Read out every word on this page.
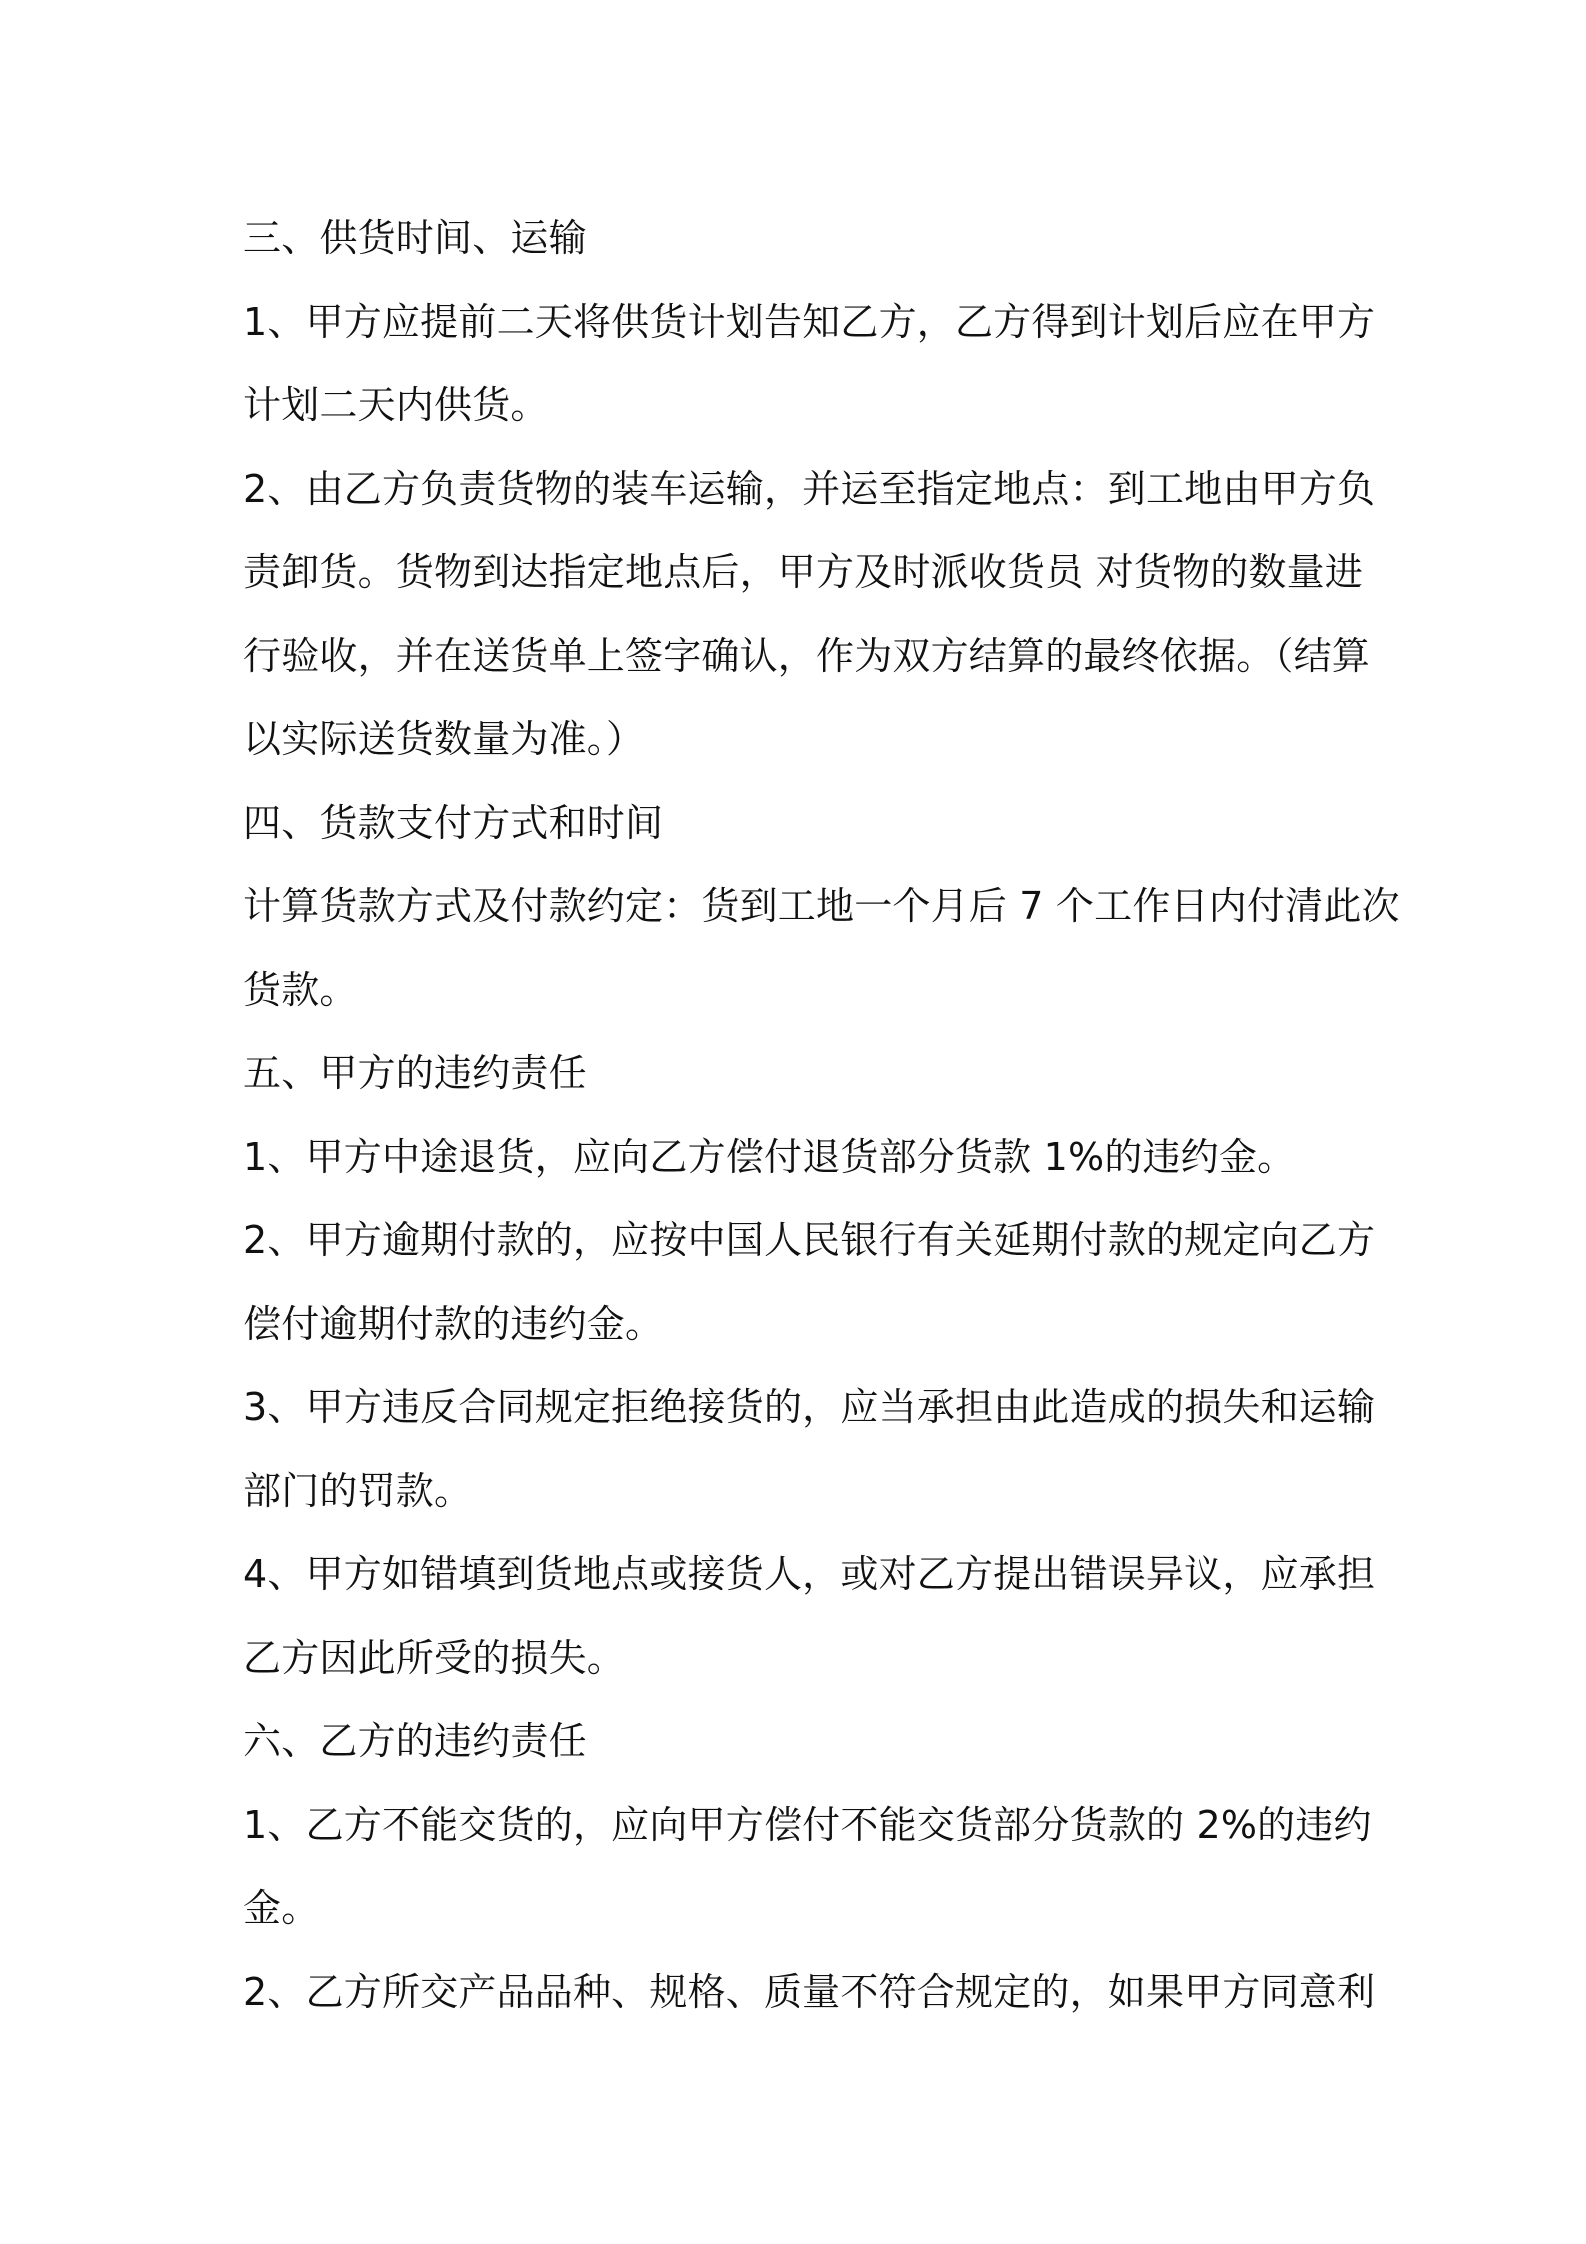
三、供货时间、运输
1、甲方应提前二天将供货计划告知乙方，乙方得到计划后应在甲方
计划二天内供货。
2、由乙方负责货物的装车运输，并运至指定地点：到工地由甲方负
责卸货。货物到达指定地点后，甲方及时派收货员 对货物的数量进
行验收，并在送货单上签字确认，作为双方结算的最终依据。（结算
以实际送货数量为准。）
四、货款支付方式和时间
计算货款方式及付款约定：货到工地一个月后 7 个工作日内付清此次
货款。
五、甲方的违约责任
1、甲方中途退货，应向乙方偿付退货部分货款 1%的违约金。
2、甲方逾期付款的，应按中国人民银行有关延期付款的规定向乙方
偿付逾期付款的违约金。
3、甲方违反合同规定拒绝接货的，应当承担由此造成的损失和运输
部门的罚款。
4、甲方如错填到货地点或接货人，或对乙方提出错误异议，应承担
乙方因此所受的损失。
六、乙方的违约责任
1、乙方不能交货的，应向甲方偿付不能交货部分货款的 2%的违约
金。
2、乙方所交产品品种、规格、质量不符合规定的，如果甲方同意利
